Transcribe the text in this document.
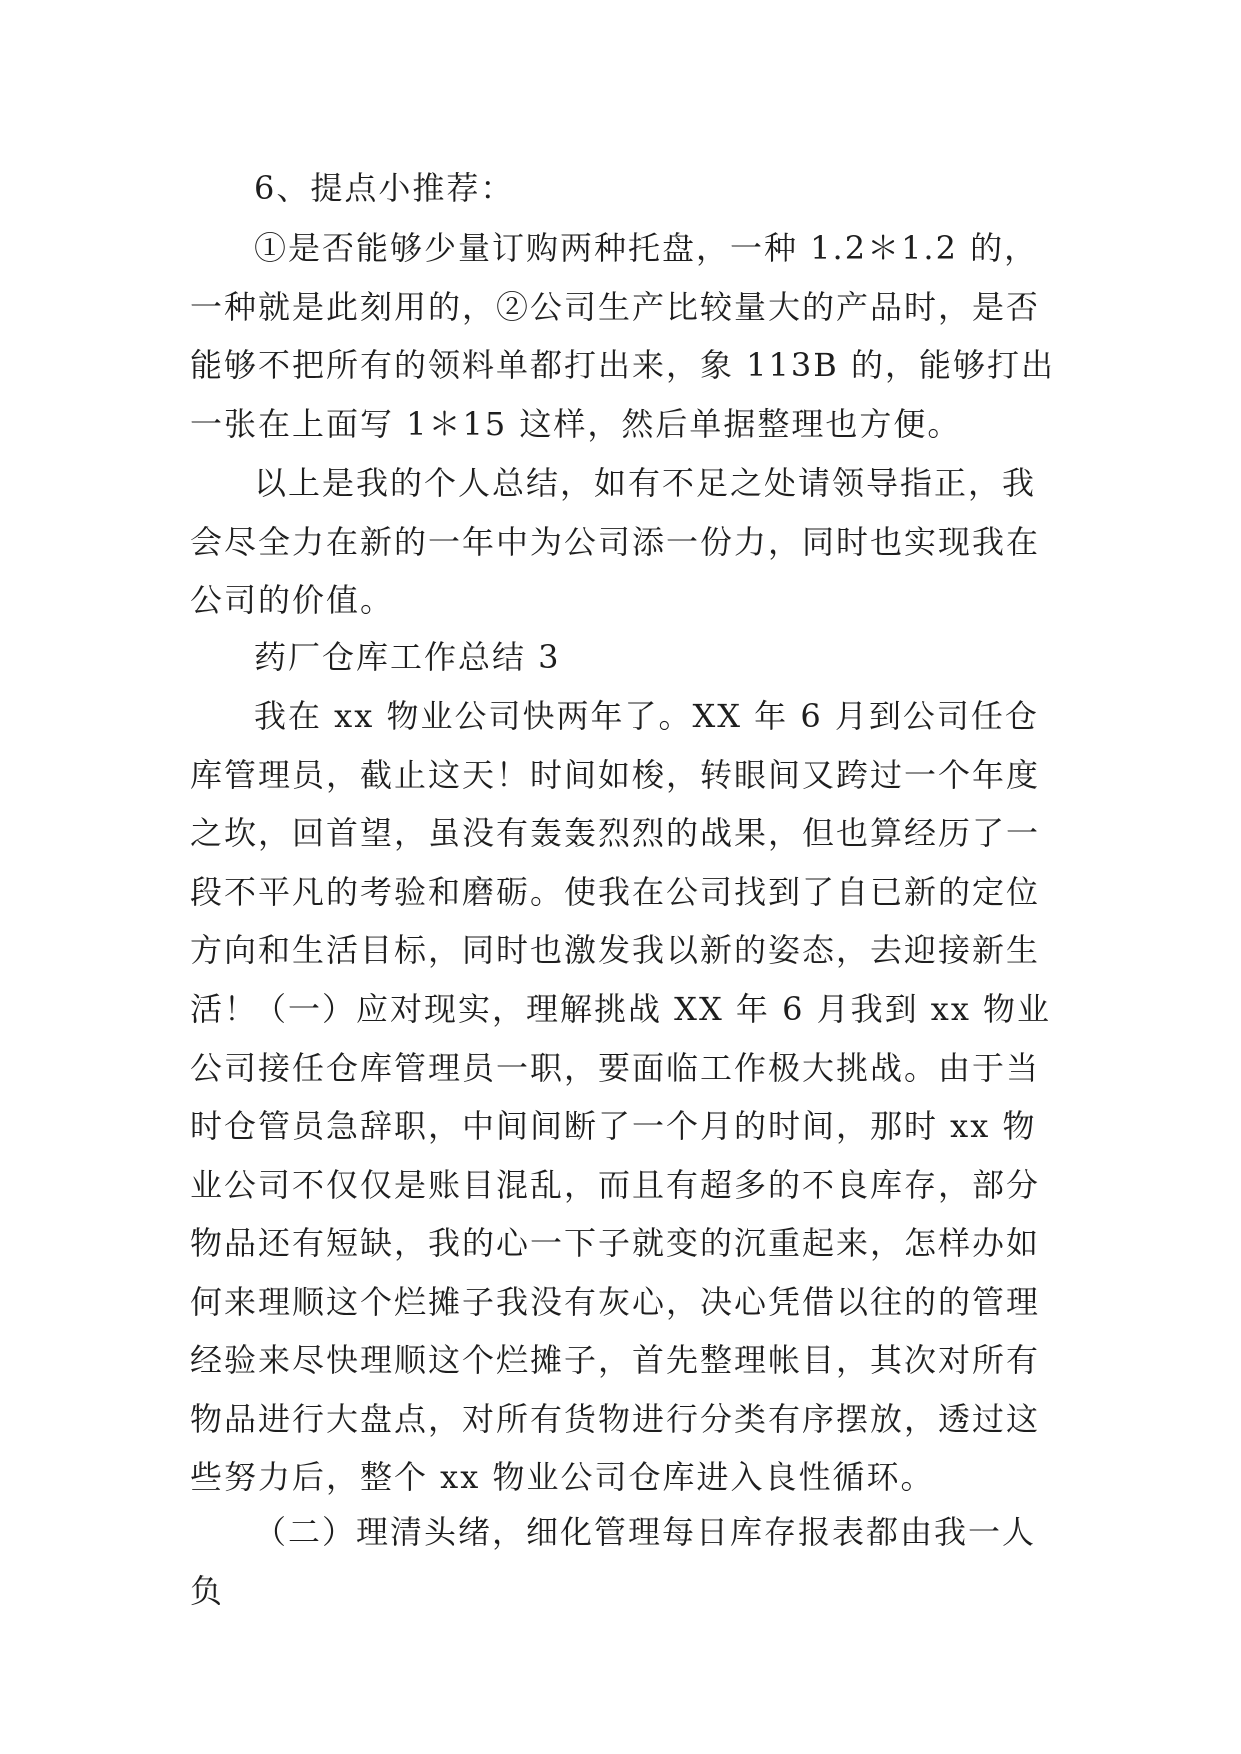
6、提点小推荐：

①是否能够少量订购两种托盘，一种 1.2＊1.2 的，一种就是此刻用的，②公司生产比较量大的产品时，是否能够不把所有的领料单都打出来，象 113B 的，能够打出一张在上面写 1＊15 这样，然后单据整理也方便。

以上是我的个人总结，如有不足之处请领导指正，我会尽全力在新的一年中为公司添一份力，同时也实现我在公司的价值。

药厂仓库工作总结 3

我在 xx 物业公司快两年了。XX 年 6 月到公司任仓库管理员，截止这天！时间如梭，转眼间又跨过一个年度之坎，回首望，虽没有轰轰烈烈的战果，但也算经历了一段不平凡的考验和磨砺。使我在公司找到了自已新的定位方向和生活目标，同时也激发我以新的姿态，去迎接新生活！

（一）应对现实，理解挑战 XX 年 6 月我到 xx 物业公司接任仓库管理员一职，要面临工作极大挑战。由于当时仓管员急辞职，中间间断了一个月的时间，那时 xx 物业公司不仅仅是账目混乱，而且有超多的不良库存，部分物品还有短缺，我的心一下子就变的沉重起来，怎样办如何来理顺这个烂摊子我没有灰心，决心凭借以往的的管理经验来尽快理顺这个烂摊子，首先整理帐目，其次对所有物品进行大盘点，对所有货物进行分类有序摆放，透过这些努力后，整个 xx 物业公司仓库进入良性循环。

（二）理清头绪，细化管理每日库存报表都由我一人负
